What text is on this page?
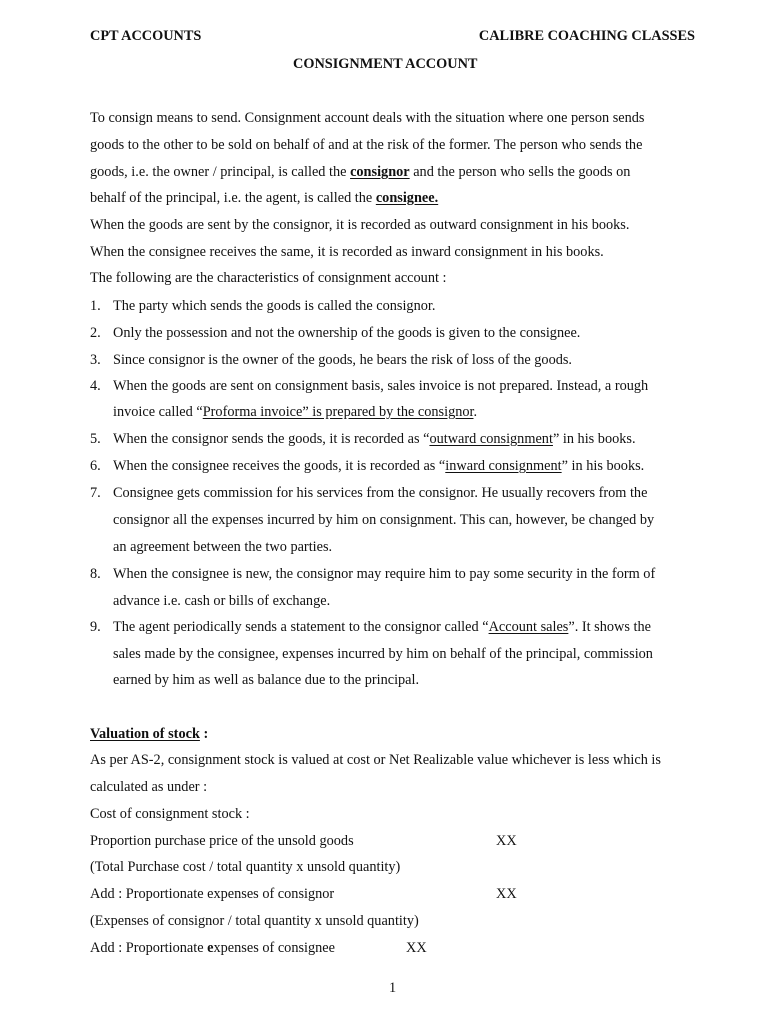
CPT ACCOUNTS	CALIBRE COACHING CLASSES
CONSIGNMENT ACCOUNT
To consign means to send. Consignment account deals with the situation where one person sends
goods to the other to be sold on behalf of and at the risk of the former. The person who sends the
goods, i.e. the owner / principal, is called the consignor and the person who sells the goods on
behalf of the principal, i.e. the agent, is called the consignee.
When the goods are sent by the consignor, it is recorded as outward consignment in his books.
When the consignee receives the same, it is recorded as inward consignment in his books.
The following are the characteristics of consignment account :
1. The party which sends the goods is called the consignor.
2. Only the possession and not the ownership of the goods is given to the consignee.
3. Since consignor is the owner of the goods, he bears the risk of loss of the goods.
4. When the goods are sent on consignment basis, sales invoice is not prepared. Instead, a rough
invoice called “Proforma invoice” is prepared by the consignor.
5. When the consignor sends the goods, it is recorded as “outward consignment” in his books.
6. When the consignee receives the goods, it is recorded as “inward consignment” in his books.
7. Consignee gets commission for his services from the consignor. He usually recovers from the
consignor all the expenses incurred by him on consignment. This can, however, be changed by
an agreement between the two parties.
8. When the consignee is new, the consignor may require him to pay some security in the form of
advance i.e. cash or bills of exchange.
9. The agent periodically sends a statement to the consignor called “Account sales”. It shows the
sales made by the consignee, expenses incurred by him on behalf of the principal, commission
earned by him as well as balance due to the principal.
Valuation of stock :
As per AS-2, consignment stock is valued at cost or Net Realizable value whichever is less which is
calculated as under :
Cost of consignment stock :
Proportion purchase price of the unsold goods	XX
(Total Purchase cost / total quantity x unsold quantity)
Add : Proportionate expenses of consignor	XX
(Expenses of consignor / total quantity x unsold quantity)
Add : Proportionate expenses of consignee	XX
1
